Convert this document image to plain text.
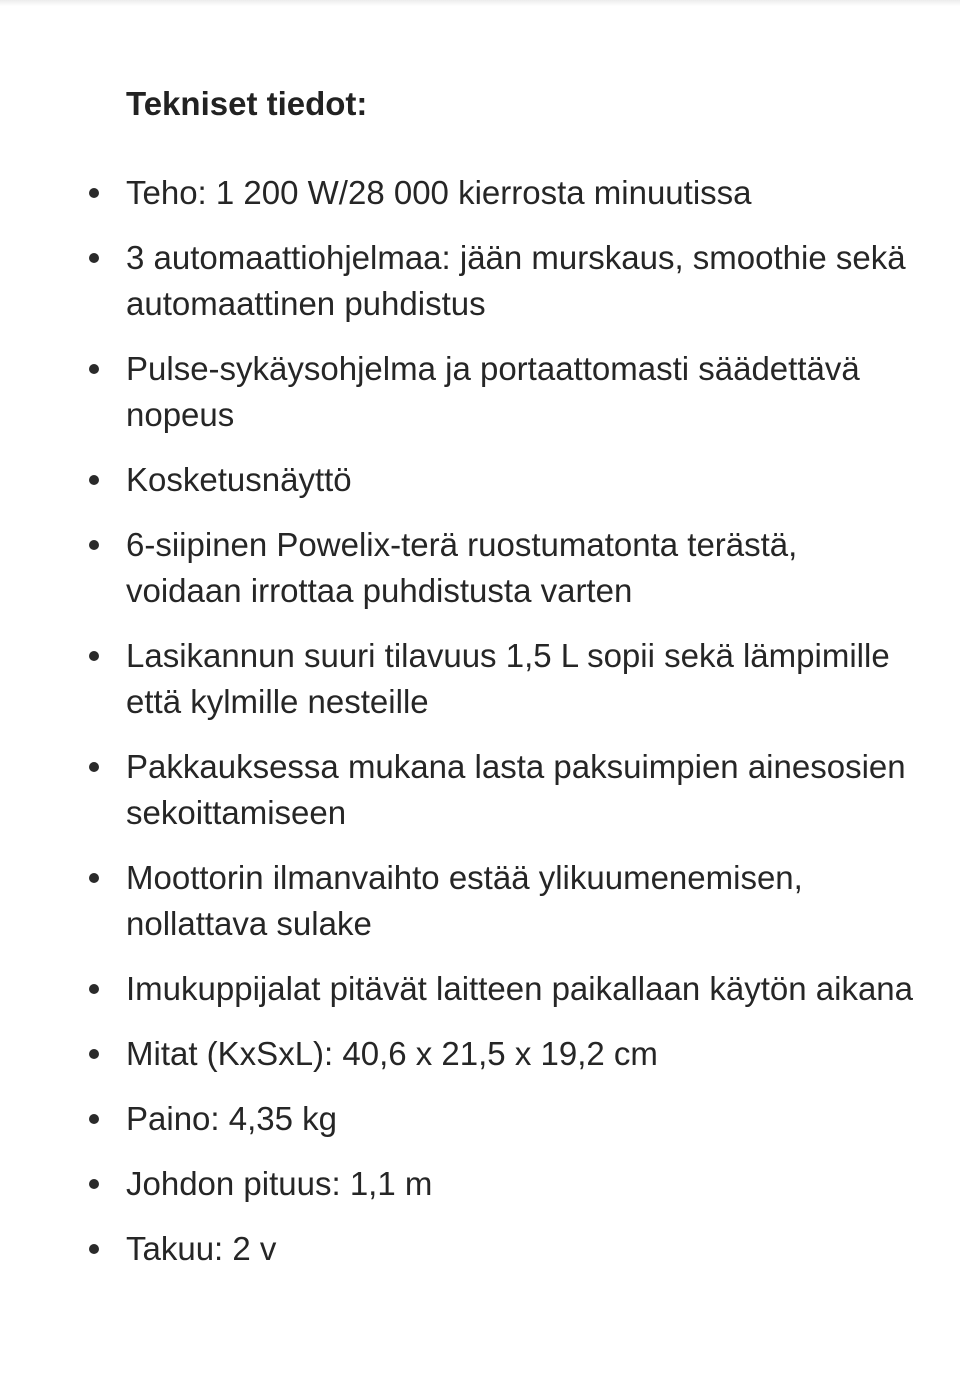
Tekniset tiedot:
Teho: 1 200 W/28 000 kierrosta minuutissa
3 automaattiohjelmaa: jään murskaus, smoothie sekä automaattinen puhdistus
Pulse-sykäysohjelma ja portaattomasti säädettävä nopeus
Kosketusnäyttö
6-siipinen Powelix-terä ruostumatonta terästä, voidaan irrottaa puhdistusta varten
Lasikannun suuri tilavuus 1,5 L sopii sekä lämpimille että kylmille nesteille
Pakkauksessa mukana lasta paksuimpien ainesosien sekoittamiseen
Moottorin ilmanvaihto estää ylikuumenemisen, nollattava sulake
Imukuppijalat pitävät laitteen paikallaan käytön aikana
Mitat (KxSxL): 40,6 x 21,5 x 19,2 cm
Paino: 4,35 kg
Johdon pituus: 1,1 m
Takuu: 2 v
